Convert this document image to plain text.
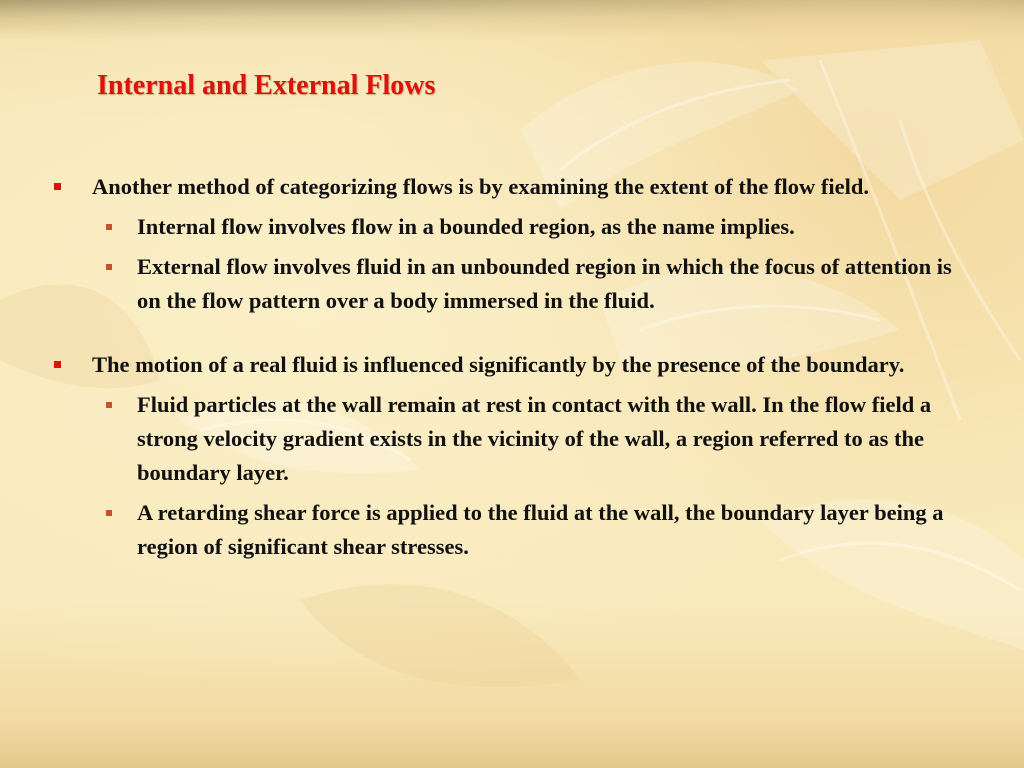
Internal and External Flows
Another method of categorizing flows is by examining the extent of the flow field.
Internal flow involves flow in a bounded region, as the name implies.
External flow involves fluid in an unbounded region in which the focus of attention is on the flow pattern over a body immersed in the fluid.
The motion of a real fluid is influenced significantly by the presence of the boundary.
Fluid particles at the wall remain at rest in contact with the wall. In the flow field a strong velocity gradient exists in the vicinity of the wall, a region referred to as the boundary layer.
A retarding shear force is applied to the fluid at the wall, the boundary layer being a region of significant shear stresses.
